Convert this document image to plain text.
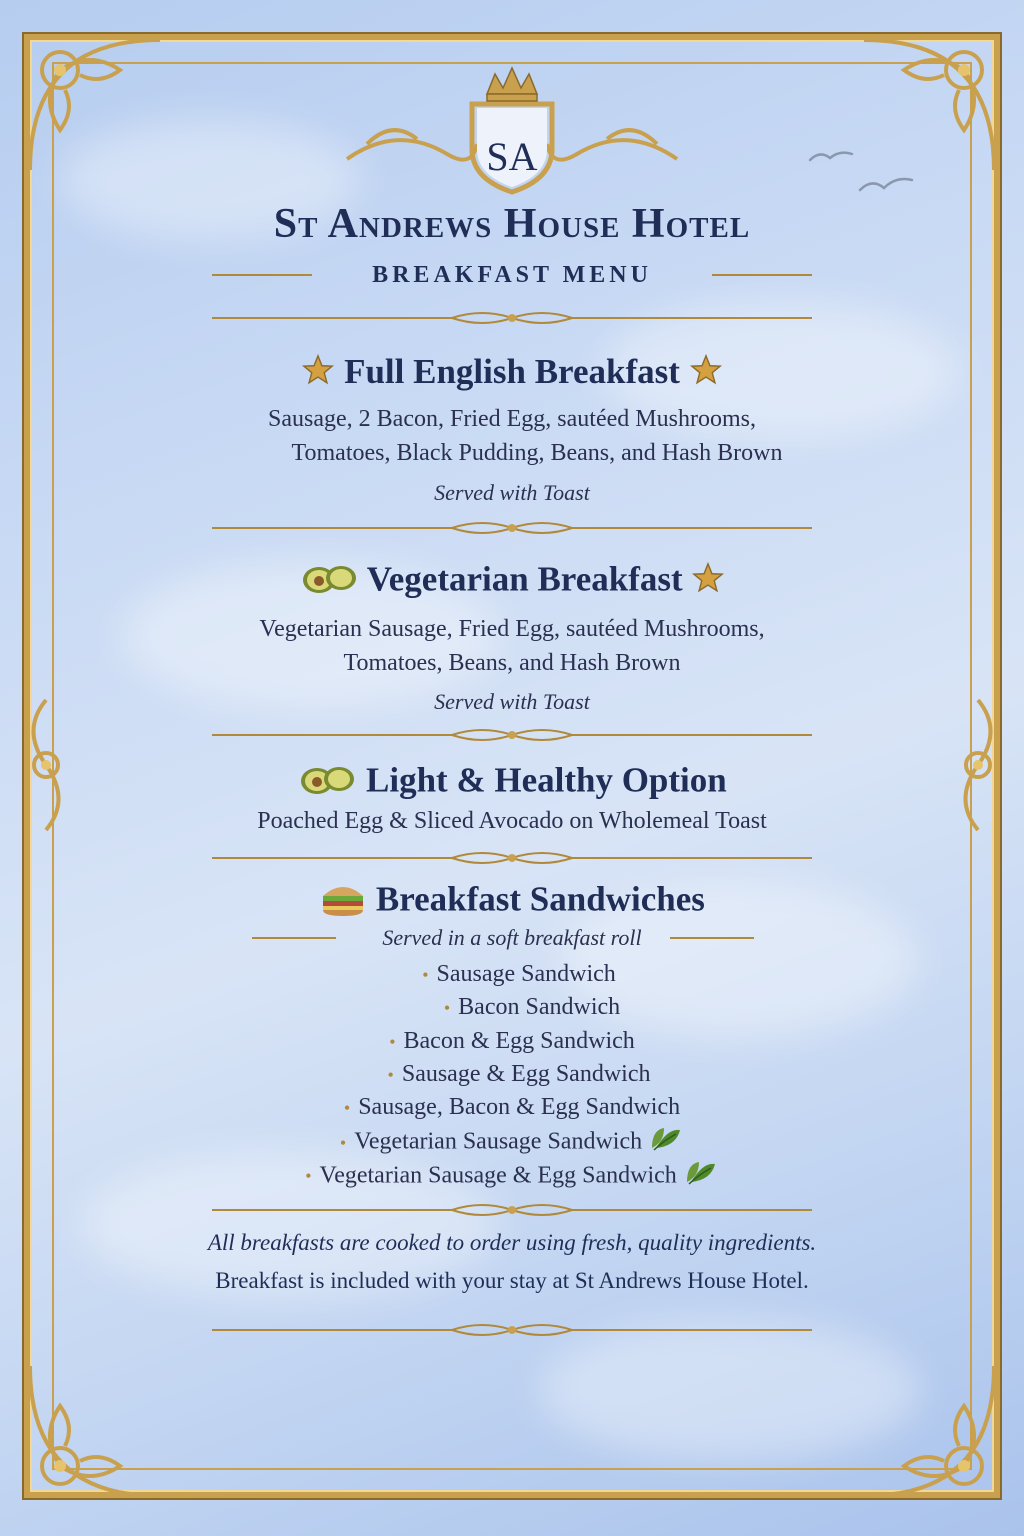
SA
St Andrews House Hotel
BREAKFAST MENU
Full English Breakfast
Sausage, 2 Bacon, Fried Egg, sautéed Mushrooms,
Tomatoes, Black Pudding, Beans, and Hash Brown
Served with Toast
Vegetarian Breakfast
Vegetarian Sausage, Fried Egg, sautéed Mushrooms,
Tomatoes, Beans, and Hash Brown
Served with Toast
Light & Healthy Option
Poached Egg & Sliced Avocado on Wholemeal Toast
Breakfast Sandwiches
Served in a soft breakfast roll
• Sausage Sandwich
• Bacon Sandwich
• Bacon & Egg Sandwich
• Sausage & Egg Sandwich
• Sausage, Bacon & Egg Sandwich
• Vegetarian Sausage Sandwich
• Vegetarian Sausage & Egg Sandwich
All breakfasts are cooked to order using fresh, quality ingredients.
Breakfast is included with your stay at St Andrews House Hotel.
